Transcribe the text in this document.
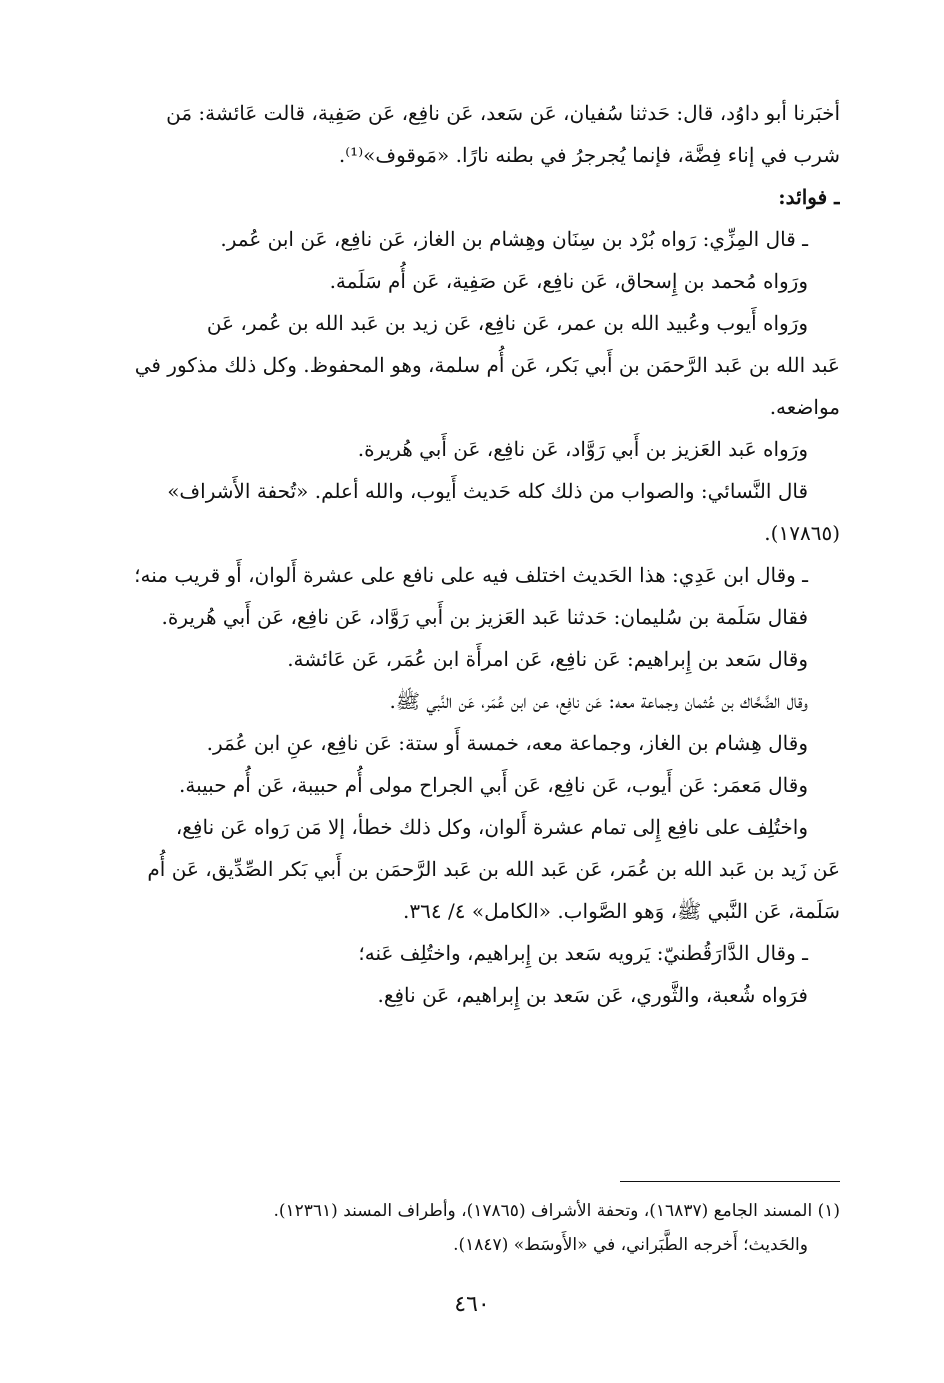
أخبَرنا أبو داوُد، قال: حَدثنا سُفيان، عَن سَعد، عَن نافِع، عَن صَفِية، قالت عَائشة: مَن
شرب في إناء فِضَّة، فإنما يُجرجرُ في بطنه نارًا. «مَوقوف»⁽¹⁾.
ـ فوائد:
ـ قال المِزِّي: رَواه بُرْد بن سِنَان وهِشام بن الغاز، عَن نافِع، عَن ابن عُمر.
ورَواه مُحمد بن إِسحاق، عَن نافِع، عَن صَفِية، عَن أُم سَلَمة.
ورَواه أَيوب وعُبيد الله بن عمر، عَن نافِع، عَن زيد بن عَبد الله بن عُمر، عَن
عَبد الله بن عَبد الرَّحمَن بن أَبي بَكر، عَن أُم سلمة، وهو المحفوظ. وكل ذلك مذكور في
مواضعه.
ورَواه عَبد العَزيز بن أَبي رَوَّاد، عَن نافِع، عَن أَبي هُريرة.
قال النَّسائي: والصواب من ذلك كله حَديث أَيوب، والله أعلم. «تُحفة الأَشراف»
(١٧٨٦٥).
ـ وقال ابن عَدِي: هذا الحَديث اختلف فيه على نافع على عشرة أَلوان، أَو قريب منه؛
فقال سَلَمة بن سُليمان: حَدثنا عَبد العَزيز بن أَبي رَوَّاد، عَن نافِع، عَن أَبي هُريرة.
وقال سَعد بن إِبراهيم: عَن نافِع، عَن امرأَة ابن عُمَر، عَن عَائشة.
وقال الضَّحَّاك بن عُثمان وجماعة معه: عَن نافِع، عن ابن عُمَر، عَن النَّبي ﷺ.
وقال هِشام بن الغاز، وجماعة معه، خمسة أَو ستة: عَن نافِع، عنِ ابن عُمَر.
وقال مَعمَر: عَن أَيوب، عَن نافِع، عَن أَبي الجراح مولى أُم حبيبة، عَن أُم حبيبة.
واختُلِف على نافِع إِلى تمام عشرة أَلوان، وكل ذلك خطأ، إلا مَن رَواه عَن نافِع،
عَن زَيد بن عَبد الله بن عُمَر، عَن عَبد الله بن عَبد الرَّحمَن بن أَبي بَكر الصِّدِّيق، عَن أُم
سَلَمة، عَن النَّبي ﷺ، وَهو الصَّواب. «الكامل» ٤/ ٣٦٤.
ـ وقال الدَّارَقُطنيّ: يَرويه سَعد بن إِبراهيم، واختُلِف عَنه؛
فرَواه شُعبة، والثَّوري، عَن سَعد بن إِبراهيم، عَن نافِع.
(١) المسند الجامع (١٦٨٣٧)، وتحفة الأشراف (١٧٨٦٥)، وأطراف المسند (١٢٣٦١).
والحَديث؛ أَخرجه الطَّبَراني، في «الأَوسَط» (١٨٤٧).
٤٦٠
